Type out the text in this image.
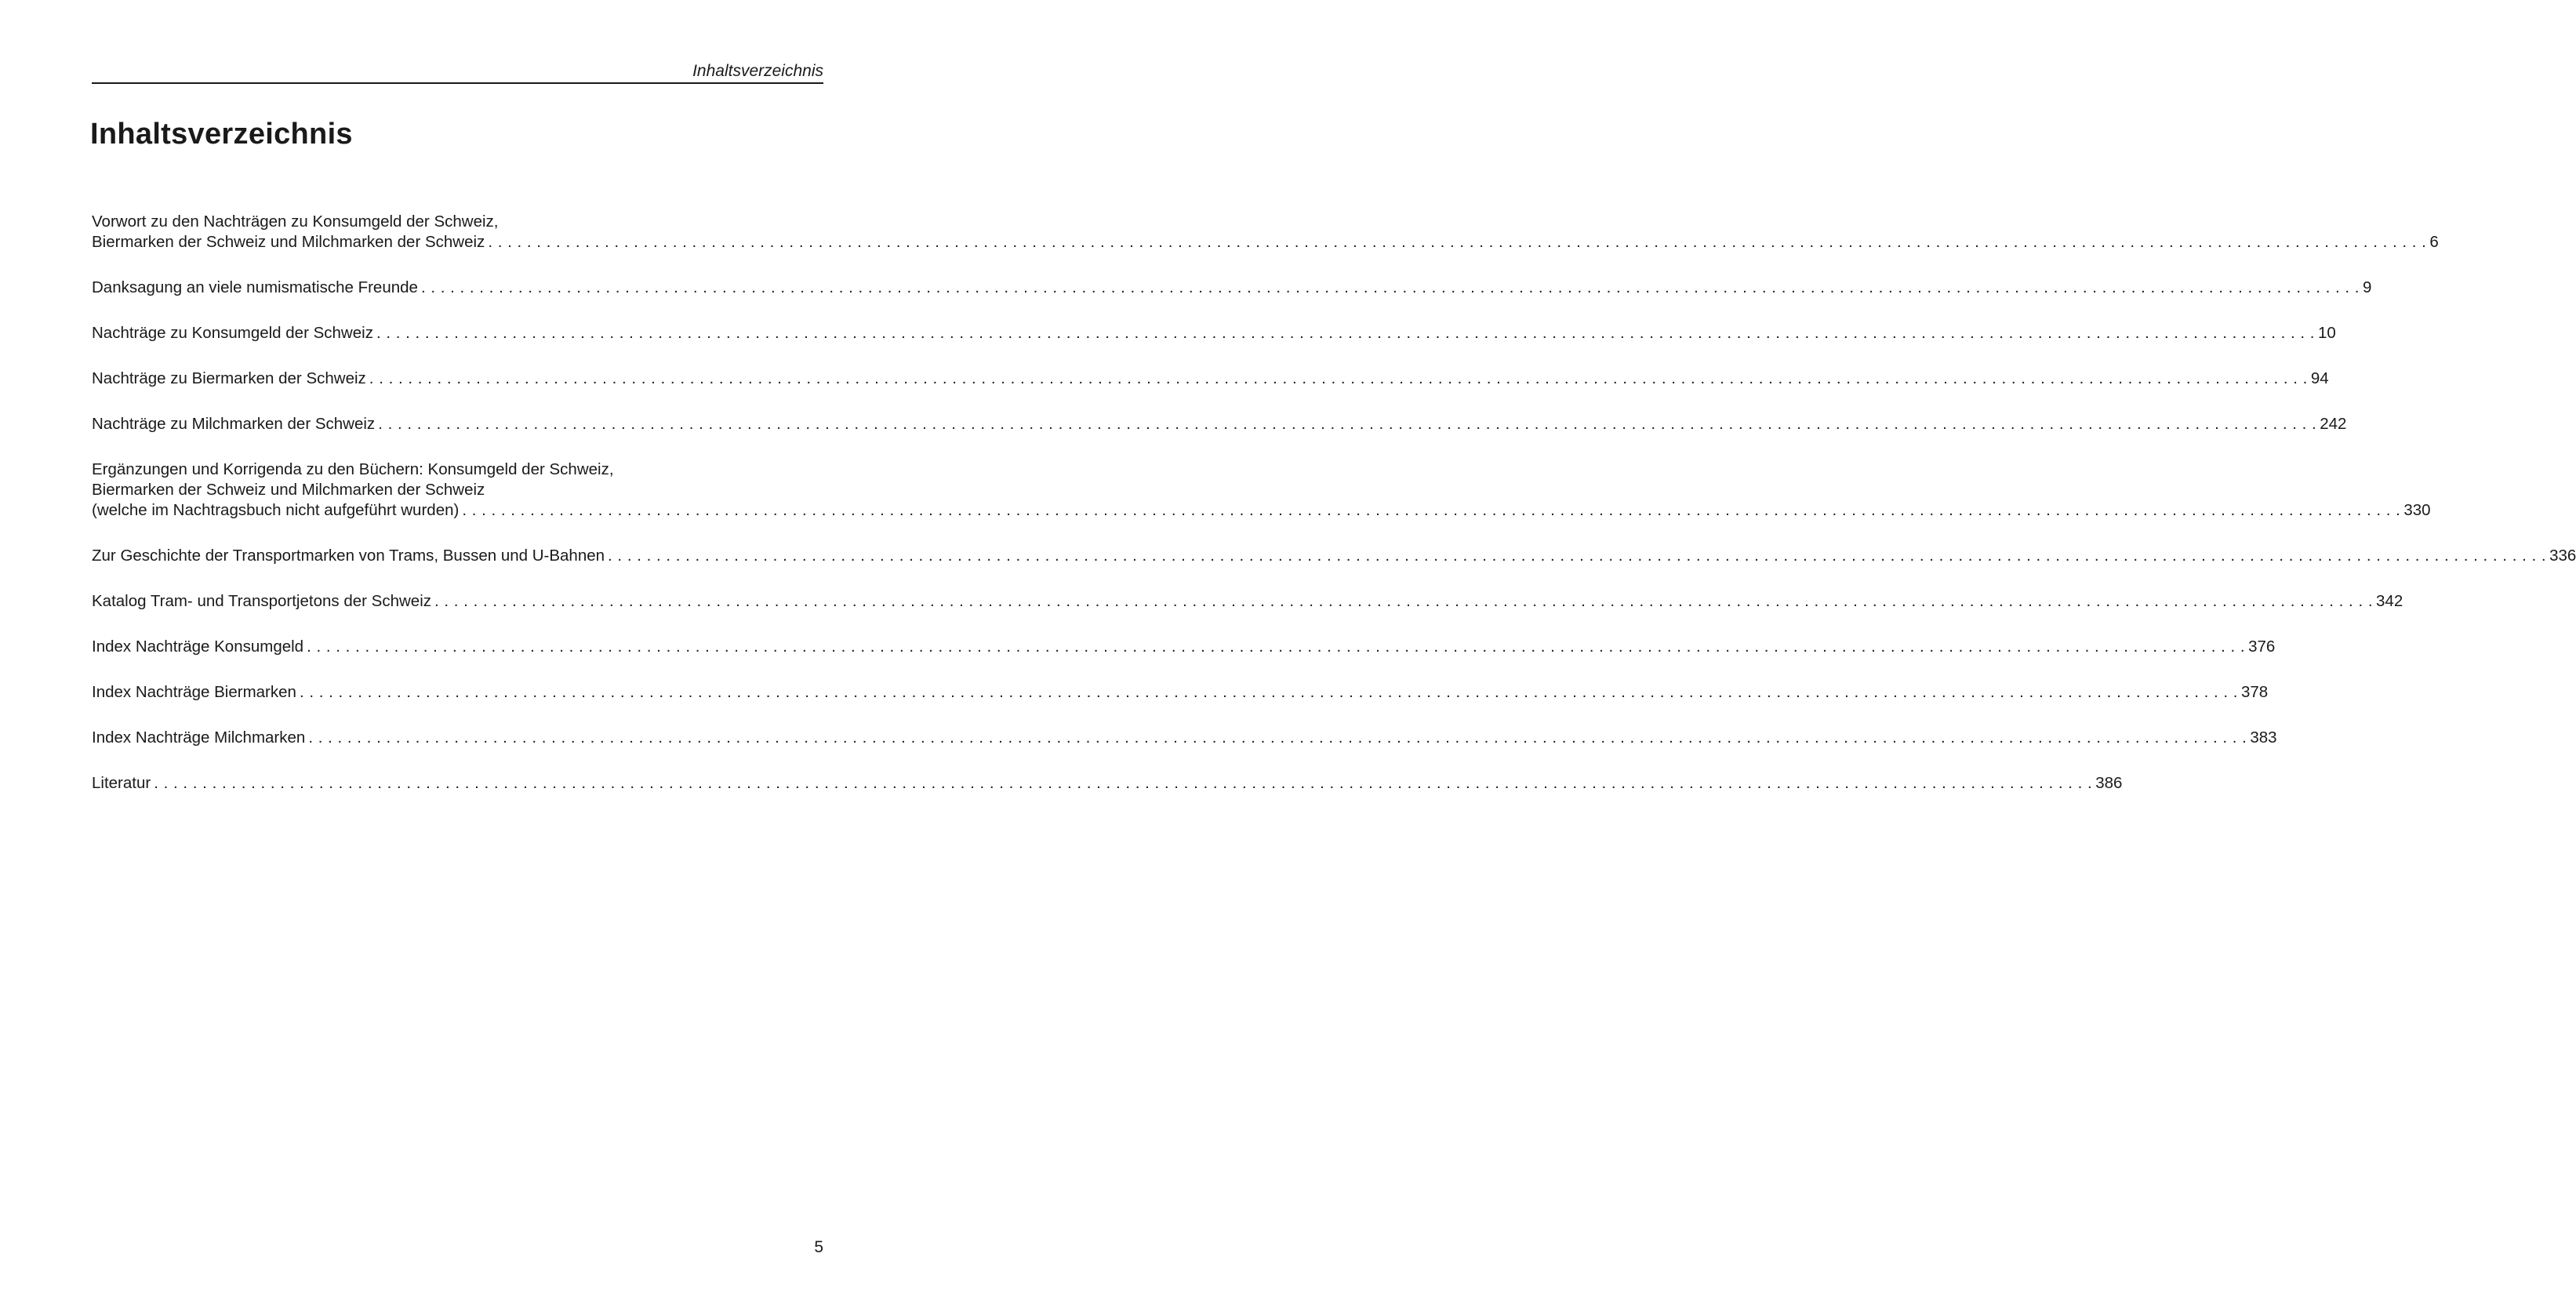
Inhaltsverzeichnis
Inhaltsverzeichnis
Vorwort zu den Nachträgen zu Konsumgeld der Schweiz,
Biermarken der Schweiz und Milchmarken der Schweiz . . . . . . . . . . . . . . . . . . . . . . . . . . . . . . . . . . . . . . . . . . . . . . . . . . . . . . . . . . . . . . . . . . . . . . . . . . . . . . . . . . . . . . . . . . . . . . . . . . . . . . . . . . . . . . . . . . . . . . . . . . . . . . . . . . . . . . . . . . . . . . . . . . . . . . . . . . . . . . . . . . . . . . . . . . . . . . . . . . . . . . . . . . . . . . . . . . . . . . . . 6
Danksagung an viele numismatische Freunde . . . . . . . . . . . . . . . . . . . . . . . . . . . . . . . . . . . . . . . . . . . . . . . . . . . . . . . . . . . . . . . . . . . . . . . . . . . . . . . . . . . . . . . . . . . . . . . . . . . . . . . . . . . . . . . . . . . . . . . . . . . . . . . . . . . . . . . . . . . . . . . . . . . . . . . . . . . . . . . . . . . . . . . . . . . . . . . . . . . . . . . . . . . . . . . . . . . . . . . . 9
Nachträge zu Konsumgeld der Schweiz . . . . . . . . . . . . . . . . . . . . . . . . . . . . . . . . . . . . . . . . . . . . . . . . . . . . . . . . . . . . . . . . . . . . . . . . . . . . . . . . . . . . . . . . . . . . . . . . . . . . . . . . . . . . . . . . . . . . . . . . . . . . . . . . . . . . . . . . . . . . . . . . . . . . . . . . . . . . . . . . . . . . . . . . . . . . . . . . . . . . . . . . . . . . . . . . . . . . . . . . 10
Nachträge zu Biermarken der Schweiz . . . . . . . . . . . . . . . . . . . . . . . . . . . . . . . . . . . . . . . . . . . . . . . . . . . . . . . . . . . . . . . . . . . . . . . . . . . . . . . . . . . . . . . . . . . . . . . . . . . . . . . . . . . . . . . . . . . . . . . . . . . . . . . . . . . . . . . . . . . . . . . . . . . . . . . . . . . . . . . . . . . . . . . . . . . . . . . . . . . . . . . . . . . . . . . . . . . . . . . . 94
Nachträge zu Milchmarken der Schweiz . . . . . . . . . . . . . . . . . . . . . . . . . . . . . . . . . . . . . . . . . . . . . . . . . . . . . . . . . . . . . . . . . . . . . . . . . . . . . . . . . . . . . . . . . . . . . . . . . . . . . . . . . . . . . . . . . . . . . . . . . . . . . . . . . . . . . . . . . . . . . . . . . . . . . . . . . . . . . . . . . . . . . . . . . . . . . . . . . . . . . . . . . . . . . . . . . . . . . . . . 242
Ergänzungen und Korrigenda zu den Büchern: Konsumgeld der Schweiz,
Biermarken der Schweiz und Milchmarken der Schweiz
(welche im Nachtragsbuch nicht aufgeführt wurden) . . . . . . . . . . . . . . . . . . . . . . . . . . . . . . . . . . . . . . . . . . . . . . . . . . . . . . . . . . . . . . . . . . . . . . . . . . . . . . . . . . . . . . . . . . . . . . . . . . . . . . . . . . . . . . . . . . . . . . . . . . . . . . . . . . . . . . . . . . . . . . . . . . . . . . . . . . . . . . . . . . . . . . . . . . . . . . . . . . . . . . . . . . . . . . . . . . . . . . . . 330
Zur Geschichte der Transportmarken von Trams, Bussen und U-Bahnen . . . . . . . . . . . . . . . . . . . . . . . . . . . . . . . . . . . . . . . . . . . . . . . . . . . . . . . . . . . . . . . . . . . . . . . . . . . . . . . . . . . . . . . . . . . . . . . . . . . . . . . . . . . . . . . . . . . . . . . . . . . . . . . . . . . . . . . . . . . . . . . . . . . . . . . . . . . . . . . . . . . . . . . . . . . . . . . . . . . . . . . . . . . . . . . . . . . . . . . . 336
Katalog Tram- und Transportjetons der Schweiz . . . . . . . . . . . . . . . . . . . . . . . . . . . . . . . . . . . . . . . . . . . . . . . . . . . . . . . . . . . . . . . . . . . . . . . . . . . . . . . . . . . . . . . . . . . . . . . . . . . . . . . . . . . . . . . . . . . . . . . . . . . . . . . . . . . . . . . . . . . . . . . . . . . . . . . . . . . . . . . . . . . . . . . . . . . . . . . . . . . . . . . . . . . . . . . . . . . . . . . . 342
Index Nachträge Konsumgeld . . . . . . . . . . . . . . . . . . . . . . . . . . . . . . . . . . . . . . . . . . . . . . . . . . . . . . . . . . . . . . . . . . . . . . . . . . . . . . . . . . . . . . . . . . . . . . . . . . . . . . . . . . . . . . . . . . . . . . . . . . . . . . . . . . . . . . . . . . . . . . . . . . . . . . . . . . . . . . . . . . . . . . . . . . . . . . . . . . . . . . . . . . . . . . . . . . . . . . . . 376
Index Nachträge Biermarken . . . . . . . . . . . . . . . . . . . . . . . . . . . . . . . . . . . . . . . . . . . . . . . . . . . . . . . . . . . . . . . . . . . . . . . . . . . . . . . . . . . . . . . . . . . . . . . . . . . . . . . . . . . . . . . . . . . . . . . . . . . . . . . . . . . . . . . . . . . . . . . . . . . . . . . . . . . . . . . . . . . . . . . . . . . . . . . . . . . . . . . . . . . . . . . . . . . . . . . . 378
Index Nachträge Milchmarken . . . . . . . . . . . . . . . . . . . . . . . . . . . . . . . . . . . . . . . . . . . . . . . . . . . . . . . . . . . . . . . . . . . . . . . . . . . . . . . . . . . . . . . . . . . . . . . . . . . . . . . . . . . . . . . . . . . . . . . . . . . . . . . . . . . . . . . . . . . . . . . . . . . . . . . . . . . . . . . . . . . . . . . . . . . . . . . . . . . . . . . . . . . . . . . . . . . . . . . . 383
Literatur . . . . . . . . . . . . . . . . . . . . . . . . . . . . . . . . . . . . . . . . . . . . . . . . . . . . . . . . . . . . . . . . . . . . . . . . . . . . . . . . . . . . . . . . . . . . . . . . . . . . . . . . . . . . . . . . . . . . . . . . . . . . . . . . . . . . . . . . . . . . . . . . . . . . . . . . . . . . . . . . . . . . . . . . . . . . . . . . . . . . . . . . . . . . . . . . . . . . . . . . 386
5
